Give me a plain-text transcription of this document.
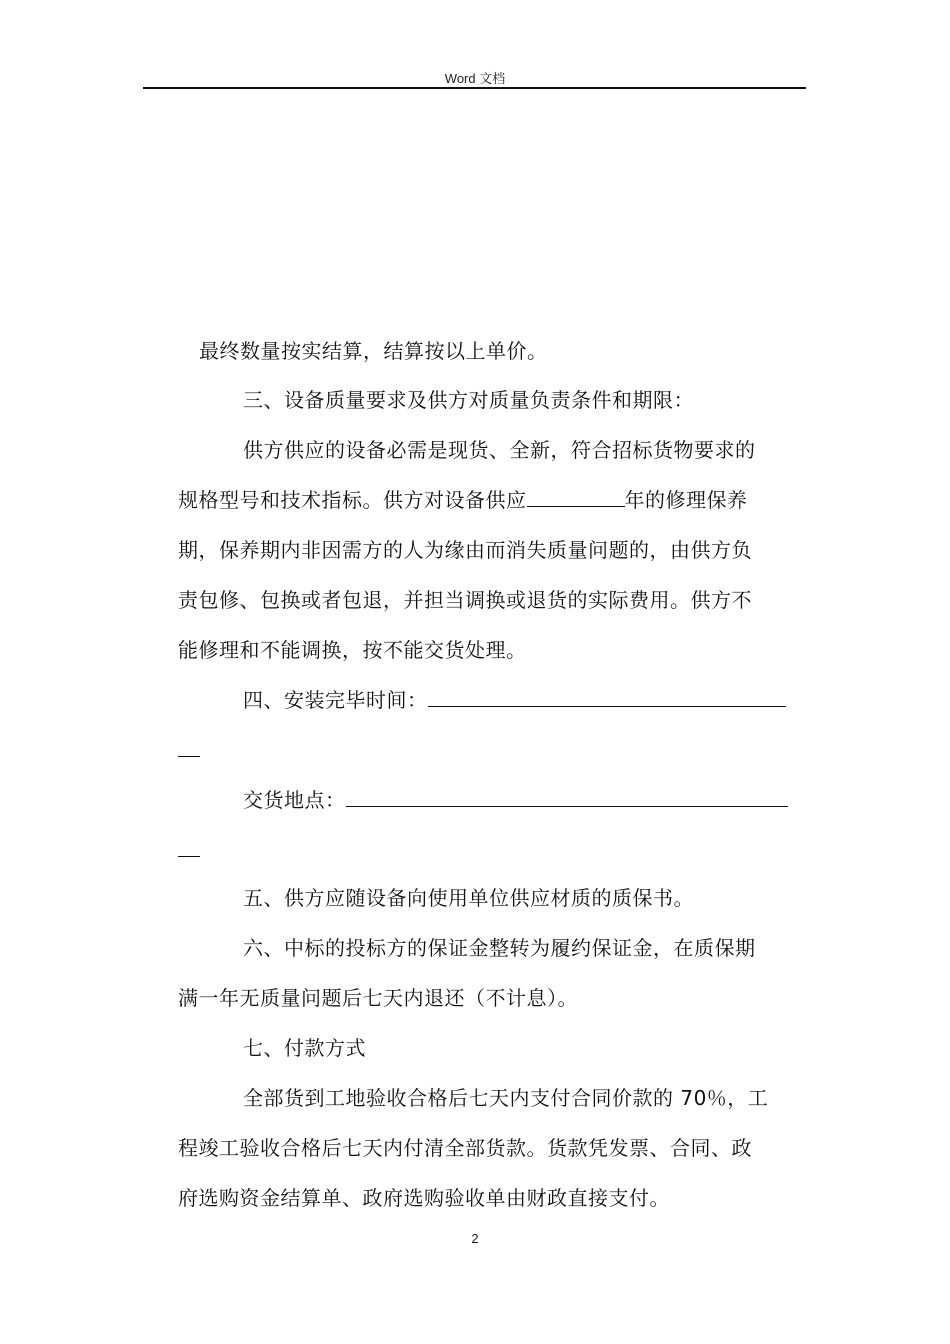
Word 文档
最终数量按实结算，结算按以上单价。
三、设备质量要求及供方对质量负责条件和期限：
供方供应的设备必需是现货、全新，符合招标货物要求的
规格型号和技术指标。供方对设备供应	年的修理保养
期，保养期内非因需方的人为缘由而消失质量问题的，由供方负
责包修、包换或者包退，并担当调换或退货的实际费用。供方不
能修理和不能调换，按不能交货处理。
四、安装完毕时间：
交货地点：
五、供方应随设备向使用单位供应材质的质保书。
六、中标的投标方的保证金整转为履约保证金，在质保期
满一年无质量问题后七天内退还（不计息）。
七、付款方式
全部货到工地验收合格后七天内支付合同价款的 70％，工
程竣工验收合格后七天内付清全部货款。货款凭发票、合同、政
府选购资金结算单、政府选购验收单由财政直接支付。
2
